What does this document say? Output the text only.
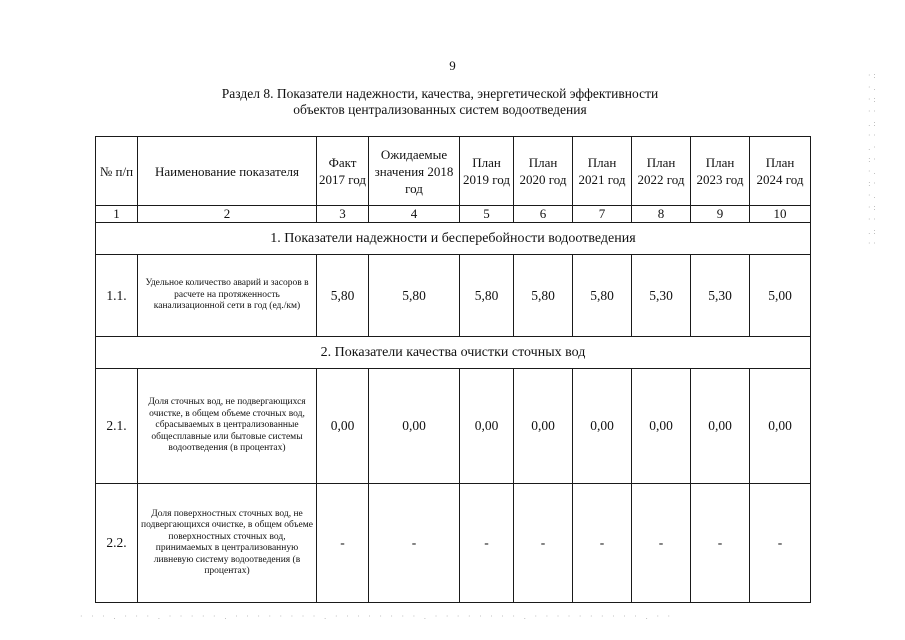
9
Раздел 8. Показатели надежности, качества, энергетической эффективности
объектов централизованных систем водоотведения
№ п/п	Наименование показателя	Факт 2017 год	Ожидаемые значения 2018 год	План 2019 год	План 2020 год	План 2021 год	План 2022 год	План 2023 год	План 2024 год
1	2	3	4	5	6	7	8	9	10
1. Показатели надежности и бесперебойности водоотведения									
1.1.	Удельное количество аварий и засоров в расчете на протяженность канализационной сети в год (ед./км)	5,80	5,80	5,80	5,80	5,80	5,30	5,30	5,00
2. Показатели качества очистки сточных вод									
2.1.	Доля сточных вод, не подвергающихся очистке, в общем объеме сточных вод, сбрасываемых в централизованные общесплавные или бытовые системы водоотведения (в процентах)	0,00	0,00	0,00	0,00	0,00	0,00	0,00	0,00
2.2.	Доля поверхностных сточных вод, не подвергающихся очистке, в общем объеме поверхностных сточных вод, принимаемых в централизованную ливневую систему водоотведения (в процентах)	-	-	-	-	-	-	-	-
· · · . · · · . · · · · · . · · · · · · · · . · · · · · · · · . · · · · · · · · . · · · · · · · · · · . · ·
· : · . · : · · . : · · . · : · · . : · · . · : · · . : · ·
